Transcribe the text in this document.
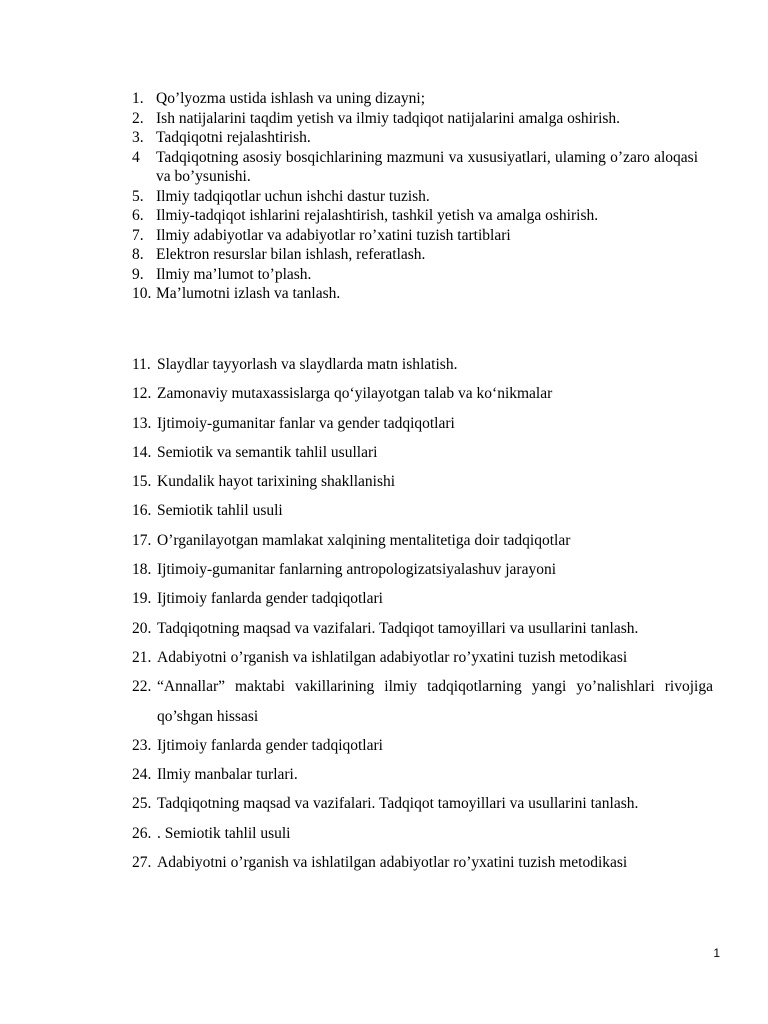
1. Qo’lyozma ustida ishlash va uning dizayni;
2. Ish natijalarini taqdim yetish va ilmiy tadqiqot natijalarini amalga oshirish.
3. Tadqiqotni rejalashtirish.
4	Tadqiqotning asosiy bosqichlarining mazmuni va xususiyatlari, ulaming o’zaro aloqasi va bo’ysunishi.
5. Ilmiy tadqiqotlar uchun ishchi dastur tuzish.
6. Ilmiy-tadqiqot ishlarini rejalashtirish, tashkil yetish va amalga oshirish.
7. Ilmiy adabiyotlar va adabiyotlar ro’xatini tuzish tartiblari
8. Elektron resurslar bilan ishlash, referatlash.
9. Ilmiy ma’lumot to’plash.
10. Ma’lumotni izlash va tanlash.
11. Slaydlar tayyorlash va slaydlarda matn ishlatish.
12. Zamonaviy mutaxassislarga qo‘yilayotgan talab va ko‘nikmalar
13. Ijtimoiy-gumanitar fanlar va gender tadqiqotlari
14. Semiotik va semantik tahlil usullari
15. Kundalik hayot tarixining shakllanishi
16. Semiotik tahlil usuli
17. O’rganilayotgan mamlakat xalqining mentalitetiga doir tadqiqotlar
18. Ijtimoiy-gumanitar fanlarning antropologizatsiyalashuv jarayoni
19. Ijtimoiy fanlarda gender tadqiqotlari
20. Tadqiqotning maqsad va vazifalari. Tadqiqot tamoyillari va usullarini tanlash.
21. Adabiyotni o’rganish va ishlatilgan adabiyotlar ro’yxatini tuzish metodikasi
22. “Annallar” maktabi vakillarining ilmiy tadqiqotlarning yangi yo’nalishlari rivojiga qo’shgan hissasi
23. Ijtimoiy fanlarda gender tadqiqotlari
24. Ilmiy manbalar turlari.
25. Tadqiqotning maqsad va vazifalari. Tadqiqot tamoyillari va usullarini tanlash.
26. . Semiotik tahlil usuli
27. Adabiyotni o’rganish va ishlatilgan adabiyotlar ro’yxatini tuzish metodikasi
1
